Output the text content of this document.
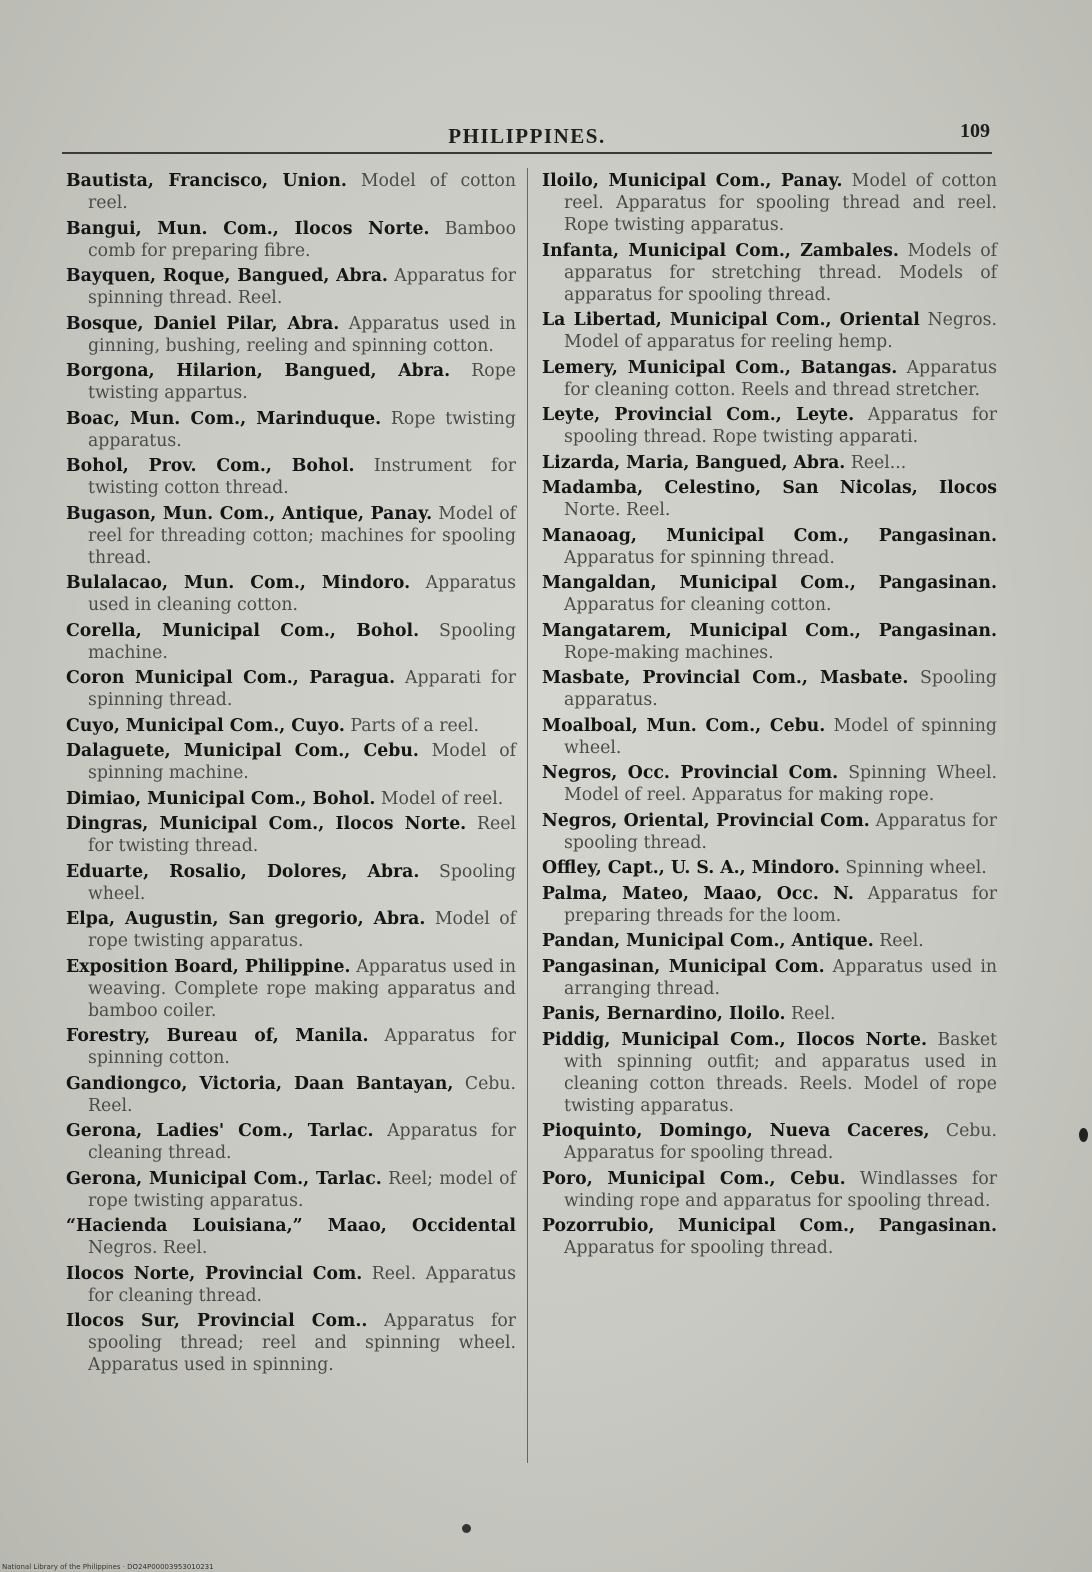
PHILIPPINES.	109

Bautista, Francisco, Union. Model of cotton reel.

Bangui, Mun. Com., Ilocos Norte. Bamboo comb for preparing fibre.

Bayquen, Roque, Bangued, Abra. Apparatus for spinning thread. Reel.

Bosque, Daniel Pilar, Abra. Apparatus used in ginning, bushing, reeling and spinning cotton.

Borgona, Hilarion, Bangued, Abra. Rope twisting appartus.

Boac, Mun. Com., Marinduque. Rope twisting apparatus.

Bohol, Prov. Com., Bohol. Instrument for twisting cotton thread.

Bugason, Mun. Com., Antique, Panay. Model of reel for threading cotton; machines for spooling thread.

Bulalacao, Mun. Com., Mindoro. Apparatus used in cleaning cotton.

Corella, Municipal Com., Bohol. Spooling machine.

Coron Municipal Com., Paragua. Apparati for spinning thread.

Cuyo, Municipal Com., Cuyo. Parts of a reel.

Dalaguete, Municipal Com., Cebu. Model of spinning machine.

Dimiao, Municipal Com., Bohol. Model of reel.

Dingras, Municipal Com., Ilocos Norte. Reel for twisting thread.

Eduarte, Rosalio, Dolores, Abra. Spooling wheel.

Elpa, Augustin, San gregorio, Abra. Model of rope twisting apparatus.

Exposition Board, Philippine. Apparatus used in weaving. Complete rope making apparatus and bamboo coiler.

Forestry, Bureau of, Manila. Apparatus for spinning cotton.

Gandiongco, Victoria, Daan Bantayan, Cebu. Reel.

Gerona, Ladies' Com., Tarlac. Apparatus for cleaning thread.

Gerona, Municipal Com., Tarlac. Reel; model of rope twisting apparatus.

“Hacienda Louisiana,” Maao, Occidental Negros. Reel.

Ilocos Norte, Provincial Com. Reel. Apparatus for cleaning thread.

Ilocos Sur, Provincial Com.. Apparatus for spooling thread; reel and spinning wheel. Apparatus used in spinning.

Iloilo, Municipal Com., Panay. Model of cotton reel. Apparatus for spooling thread and reel. Rope twisting apparatus.

Infanta, Municipal Com., Zambales. Models of apparatus for stretching thread. Models of apparatus for spooling thread.

La Libertad, Municipal Com., Oriental Negros. Model of apparatus for reeling hemp.

Lemery, Municipal Com., Batangas. Apparatus for cleaning cotton. Reels and thread stretcher.

Leyte, Provincial Com., Leyte. Apparatus for spooling thread. Rope twisting apparati.

Lizarda, Maria, Bangued, Abra. Reel...

Madamba, Celestino, San Nicolas, Ilocos Norte. Reel.

Manaoag, Municipal Com., Pangasinan. Apparatus for spinning thread.

Mangaldan, Municipal Com., Pangasinan. Apparatus for cleaning cotton.

Mangatarem, Municipal Com., Pangasinan. Rope-making machines.

Masbate, Provincial Com., Masbate. Spooling apparatus.

Moalboal, Mun. Com., Cebu. Model of spinning wheel.

Negros, Occ. Provincial Com. Spinning Wheel. Model of reel. Apparatus for making rope.

Negros, Oriental, Provincial Com. Apparatus for spooling thread.

Offley, Capt., U. S. A., Mindoro. Spinning wheel.

Palma, Mateo, Maao, Occ. N. Apparatus for preparing threads for the loom.

Pandan, Municipal Com., Antique. Reel.

Pangasinan, Municipal Com. Apparatus used in arranging thread.

Panis, Bernardino, Iloilo. Reel.

Piddig, Municipal Com., Ilocos Norte. Basket with spinning outfit; and apparatus used in cleaning cotton threads. Reels. Model of rope twisting apparatus.

Pioquinto, Domingo, Nueva Caceres, Cebu. Apparatus for spooling thread.

Poro, Municipal Com., Cebu. Windlasses for winding rope and apparatus for spooling thread.

Pozorrubio, Municipal Com., Pangasinan. Apparatus for spooling thread.

National Library of the Philippines · DO24P00003953010231
